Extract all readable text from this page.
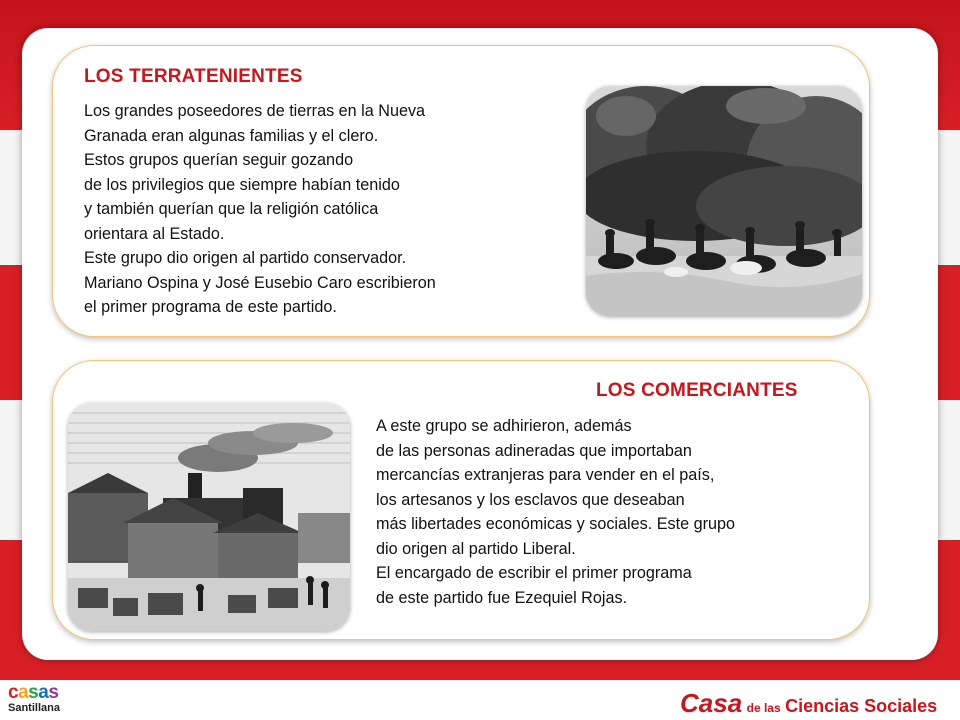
LOS TERRATENIENTES
Los grandes poseedores de tierras en la Nueva
Granada eran algunas familias y el clero.
Estos grupos querían seguir gozando
de los privilegios que siempre habían tenido
y también querían que la religión católica
orientara al Estado.
Este grupo dio origen al partido conservador.
Mariano Ospina y José Eusebio Caro escribieron
el primer programa de este partido.
LOS COMERCIANTES
A este grupo se adhirieron, además
de las personas adineradas que importaban
mercancías extranjeras para vender en el país,
los artesanos y los esclavos que deseaban
más libertades económicas y sociales. Este grupo
dio origen al partido Liberal.
El encargado de escribir el primer programa
de este partido fue Ezequiel Rojas.
casas
Santillana	Casa de las Ciencias Sociales
